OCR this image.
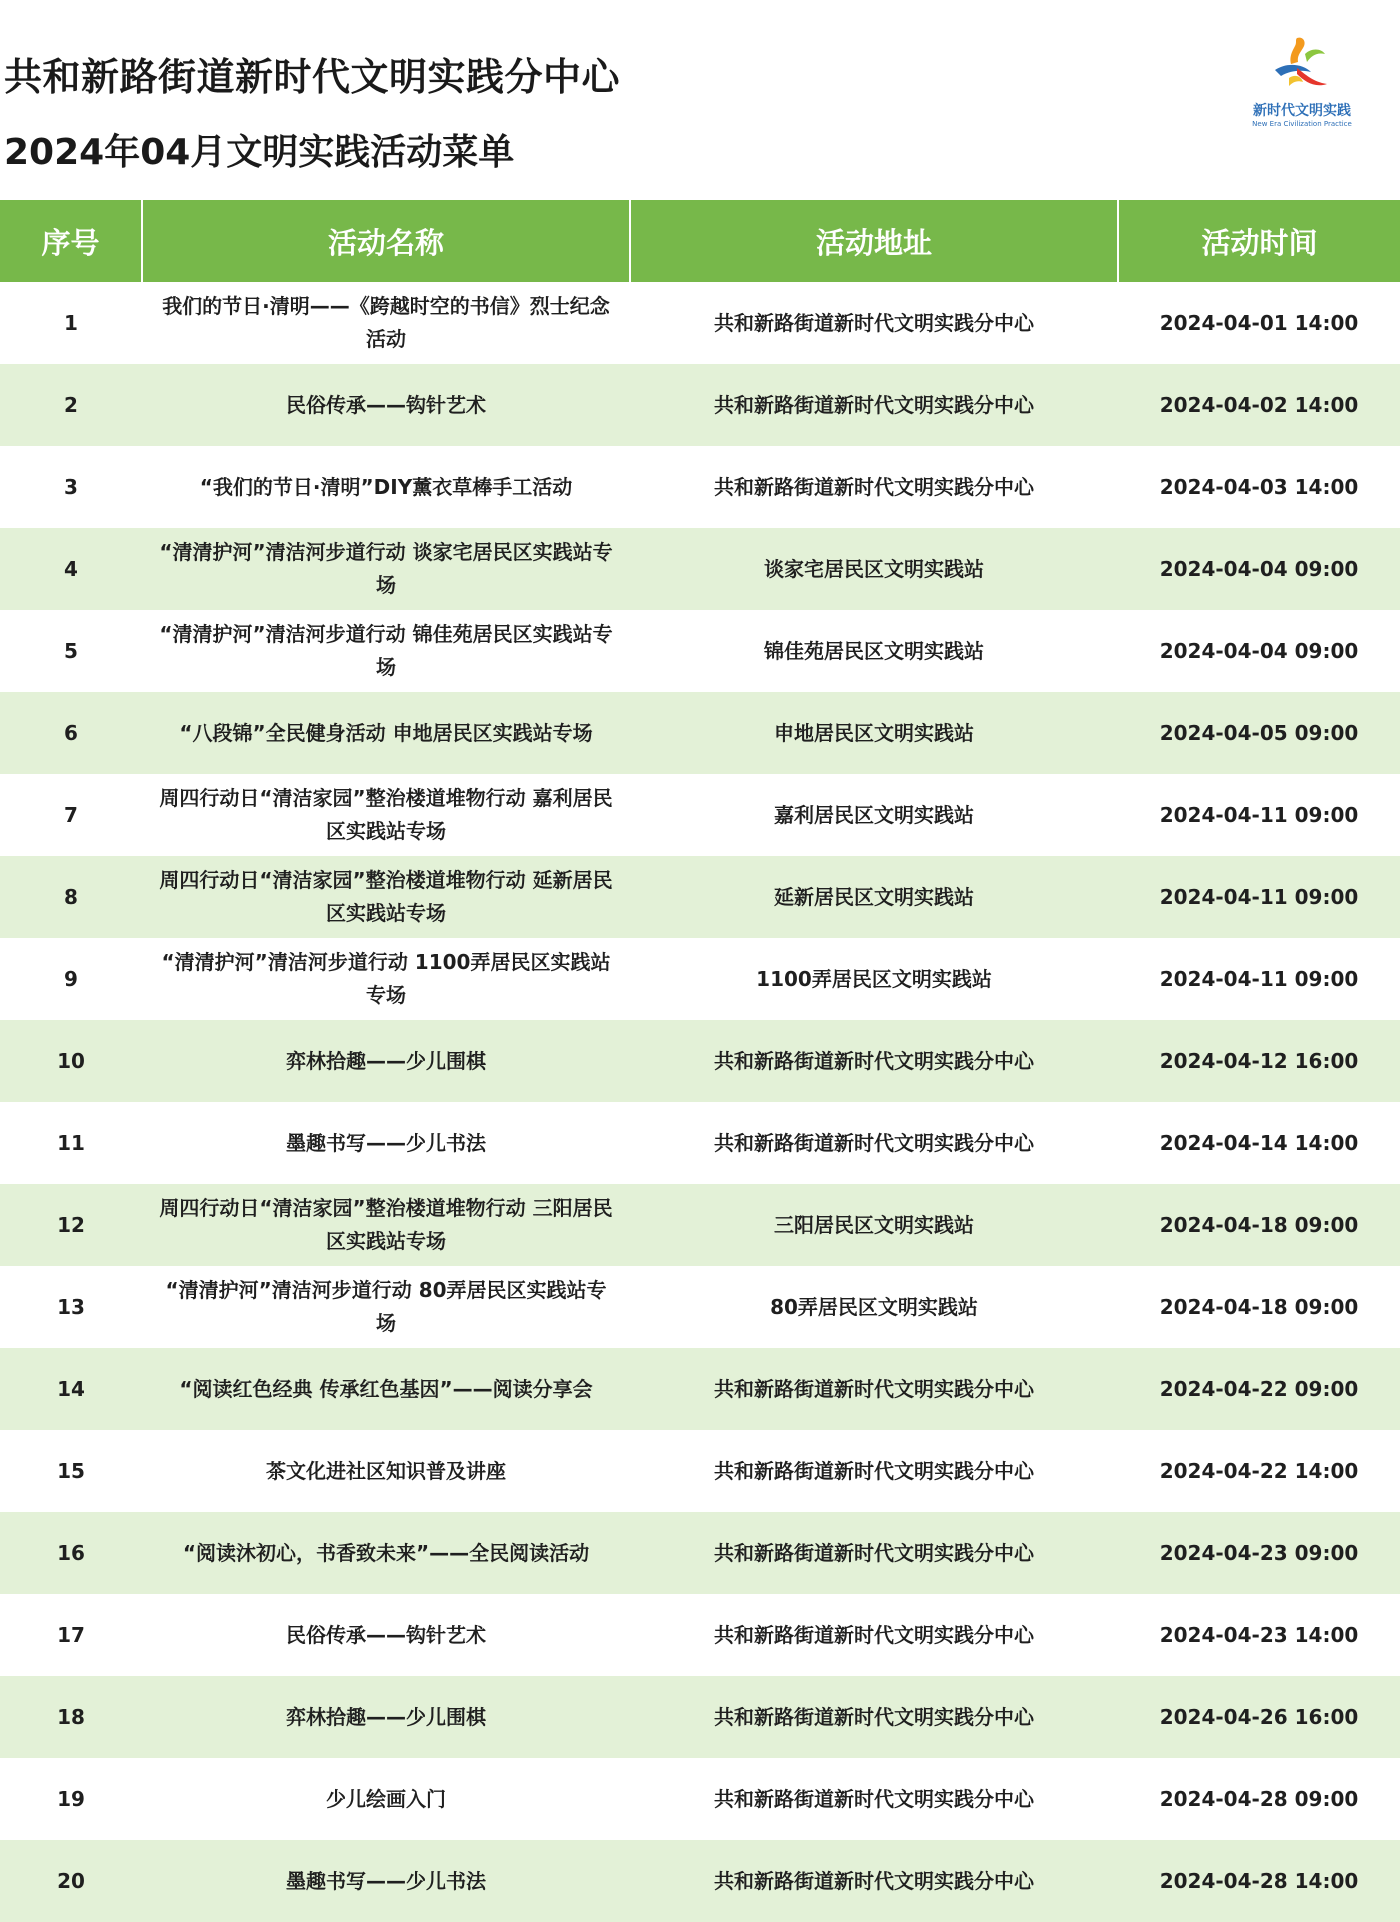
共和新路街道新时代文明实践分中心
2024年04月文明实践活动菜单
新时代文明实践
New Era Civilization Practice
序号	活动名称	活动地址	活动时间
1	我们的节日·清明——《跨越时空的书信》烈士纪念活动	共和新路街道新时代文明实践分中心	2024-04-01 14:00
2	民俗传承——钩针艺术	共和新路街道新时代文明实践分中心	2024-04-02 14:00
3	“我们的节日·清明”DIY薰衣草棒手工活动	共和新路街道新时代文明实践分中心	2024-04-03 14:00
4	“清清护河”清洁河步道行动 谈家宅居民区实践站专场	谈家宅居民区文明实践站	2024-04-04 09:00
5	“清清护河”清洁河步道行动 锦佳苑居民区实践站专场	锦佳苑居民区文明实践站	2024-04-04 09:00
6	“八段锦”全民健身活动 申地居民区实践站专场	申地居民区文明实践站	2024-04-05 09:00
7	周四行动日“清洁家园”整治楼道堆物行动 嘉利居民区实践站专场	嘉利居民区文明实践站	2024-04-11 09:00
8	周四行动日“清洁家园”整治楼道堆物行动 延新居民区实践站专场	延新居民区文明实践站	2024-04-11 09:00
9	“清清护河”清洁河步道行动 1100弄居民区实践站专场	1100弄居民区文明实践站	2024-04-11 09:00
10	弈林拾趣——少儿围棋	共和新路街道新时代文明实践分中心	2024-04-12 16:00
11	墨趣书写——少儿书法	共和新路街道新时代文明实践分中心	2024-04-14 14:00
12	周四行动日“清洁家园”整治楼道堆物行动 三阳居民区实践站专场	三阳居民区文明实践站	2024-04-18 09:00
13	“清清护河”清洁河步道行动 80弄居民区实践站专场	80弄居民区文明实践站	2024-04-18 09:00
14	“阅读红色经典 传承红色基因”——阅读分享会	共和新路街道新时代文明实践分中心	2024-04-22 09:00
15	茶文化进社区知识普及讲座	共和新路街道新时代文明实践分中心	2024-04-22 14:00
16	“阅读沐初心，书香致未来”——全民阅读活动	共和新路街道新时代文明实践分中心	2024-04-23 09:00
17	民俗传承——钩针艺术	共和新路街道新时代文明实践分中心	2024-04-23 14:00
18	弈林拾趣——少儿围棋	共和新路街道新时代文明实践分中心	2024-04-26 16:00
19	少儿绘画入门	共和新路街道新时代文明实践分中心	2024-04-28 09:00
20	墨趣书写——少儿书法	共和新路街道新时代文明实践分中心	2024-04-28 14:00
